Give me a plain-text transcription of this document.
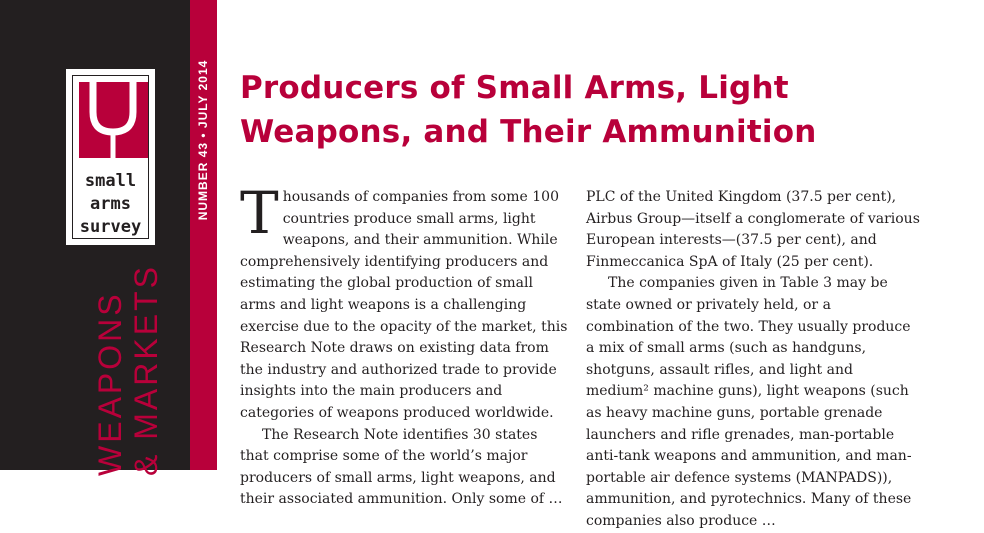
NUMBER 43 • JULY 2014
WEAPONS & MARKETS
small
arms
survey
Producers of Small Arms, Light Weapons, and Their Ammunition

Thousands of companies from some 100 countries produce small arms, light weapons, and their ammunition. While comprehensively identifying producers and estimating the global production of small arms and light weapons is a challenging exercise due to the opacity of the market, this Research Note draws on existing data from the industry and authorized trade to provide insights into the main producers and categories of weapons produced worldwide.

The Research Note identifies 30 states that comprise some of the world’s major producers of small arms, light weapons, and their associated ammunition. Only some of …

PLC of the United Kingdom (37.5 per cent), Airbus Group—itself a conglomerate of various European interests—(37.5 per cent), and Finmeccanica SpA of Italy (25 per cent).

The companies given in Table 3 may be state owned or privately held, or a combination of the two. They usually produce a mix of small arms (such as handguns, shotguns, assault rifles, and light and medium² machine guns), light weapons (such as heavy machine guns, portable grenade launchers and rifle grenades, man-portable anti-tank weapons and ammunition, and man-portable air defence systems (MANPADS)), ammunition, and pyrotechnics. Many of these companies also produce …
